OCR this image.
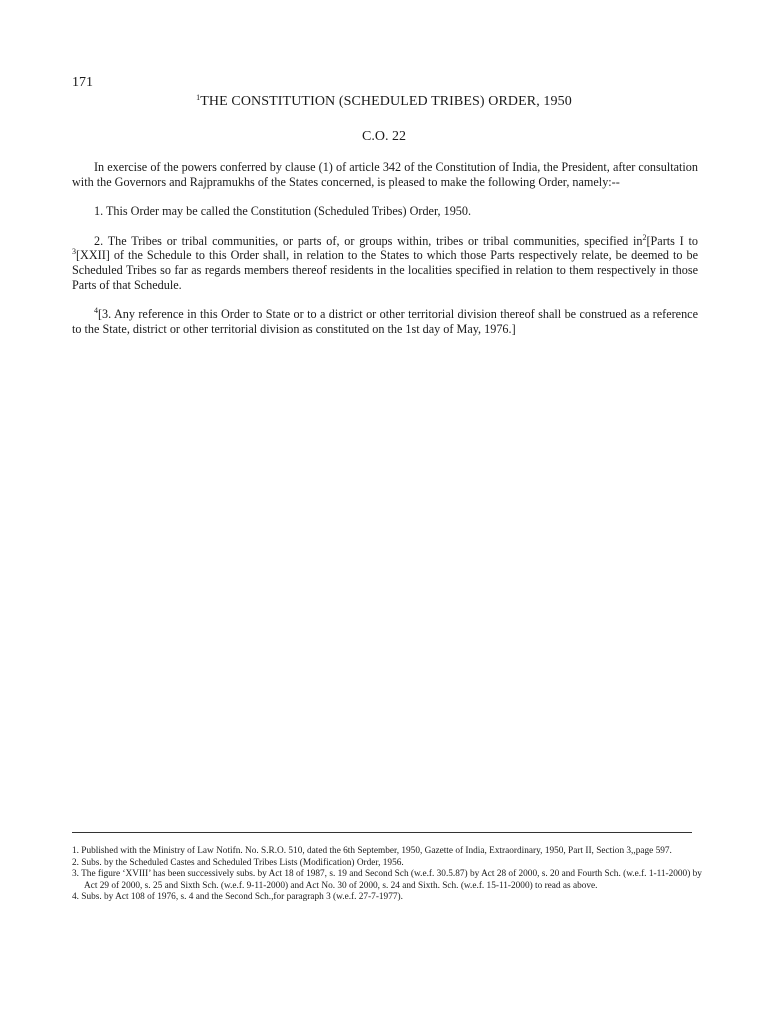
171
$^1$THE CONSTITUTION (SCHEDULED TRIBES) ORDER, 1950
C.O. 22

In exercise of the powers conferred by clause (1) of article 342 of the Constitution of India, the President, after consultation with the Governors and Rajpramukhs of the States concerned, is pleased to make the following Order, namely:--

1. This Order may be called the Constitution (Scheduled Tribes) Order, 1950.

2. The Tribes or tribal communities, or parts of, or groups within, tribes or tribal communities, specified $in^2[Parts$ I to $^3$[XXII] of the Schedule to this Order shall, in relation to the States to which those Parts respectively relate, be deemed to be Scheduled Tribes so far as regards members thereof residents in the localities specified in relation to them respectively in those Parts of that Schedule.

$^4$[3. Any reference in this Order to State or to a district or other territorial division thereof shall be construed as a reference to the State, district or other territorial division as constituted on the 1st day of May, 1976.]

1. Published with the Ministry of Law Notifn. No. S.R.O. 510, dated the 6th September, 1950, Gazette of India, Extraordinary, 1950, Part II, Section 3,,page 597.

2. Subs. by the Scheduled Castes and Scheduled Tribes Lists (Modification) Order, 1956.

3. The figure ‘XVIII’ has been successively subs. by Act 18 of 1987, s. 19 and Second Sch (w.e.f. 30.5.87) by Act 28 of 2000, s. 20 and Fourth Sch. (w.e.f. 1-11-2000) by Act 29 of 2000, s. 25 and Sixth Sch. (w.e.f. 9-11-2000) and Act No. 30 of 2000, s. 24 and Sixth. Sch. (w.e.f. 15-11-2000) to read as above.

4. Subs. by Act 108 of 1976, s. 4 and the Second Sch.,for paragraph 3 (w.e.f. 27-7-1977).
